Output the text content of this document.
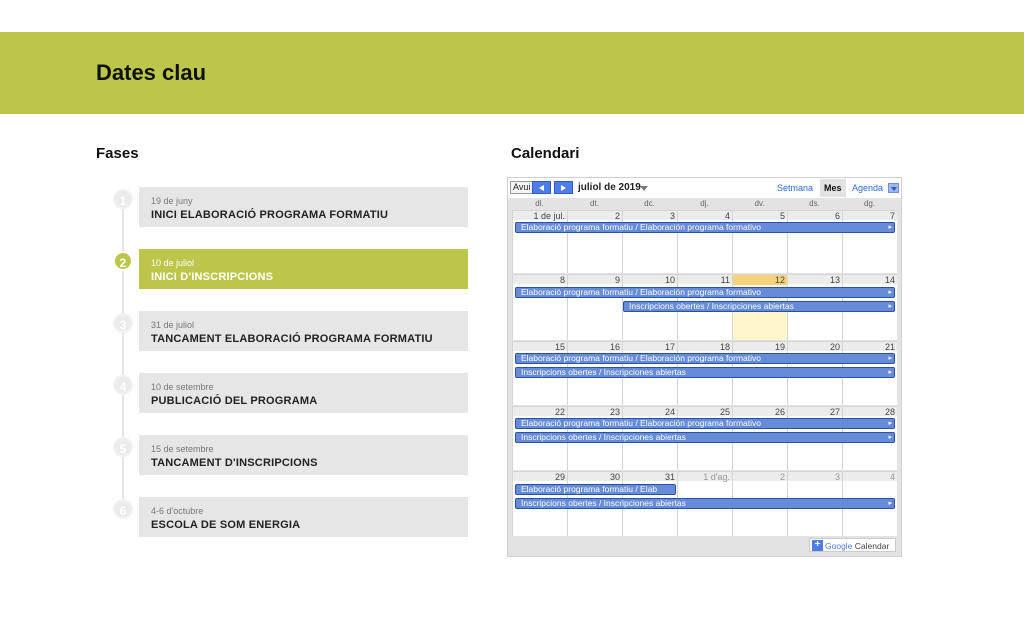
Dates clau
Fases	Calendari
1	19 de juny
INICI ELABORACIÓ PROGRAMA FORMATIU
2	10 de juliol
INICI D'INSCRIPCIONS
3	31 de juliol
TANCAMENT ELABORACIÓ PROGRAMA FORMATIU
4	10 de setembre
PUBLICACIÓ DEL PROGRAMA
5	15 de setembre
TANCAMENT D'INSCRIPCIONS
6	4-6 d'octubre
ESCOLA DE SOM ENERGIA
Avui	juliol de 2019	Setmana	Mes	Agenda
dl.	dt.	dc.	dj.	dv.	ds.	dg.
1 de jul.	2	3	4	5	6	7
Elaboració programa formatiu / Elaboración programa formativo	▸
8	9	10	11	12	13	14
Elaboració programa formatiu / Elaboración programa formativo	▸
Inscripcions obertes / Inscripciones abiertas	▸
15	16	17	18	19	20	21
Elaboració programa formatiu / Elaboración programa formativo	▸
Inscripcions obertes / Inscripciones abiertas	▸
22	23	24	25	26	27	28
Elaboració programa formatiu / Elaboración programa formativo	▸
Inscripcions obertes / Inscripciones abiertas	▸
29	30	31	1 d'ag.	2	3	4
Elaboració programa formatiu / Elab
Inscripcions obertes / Inscripciones abiertas	▸
+ Google Calendar
